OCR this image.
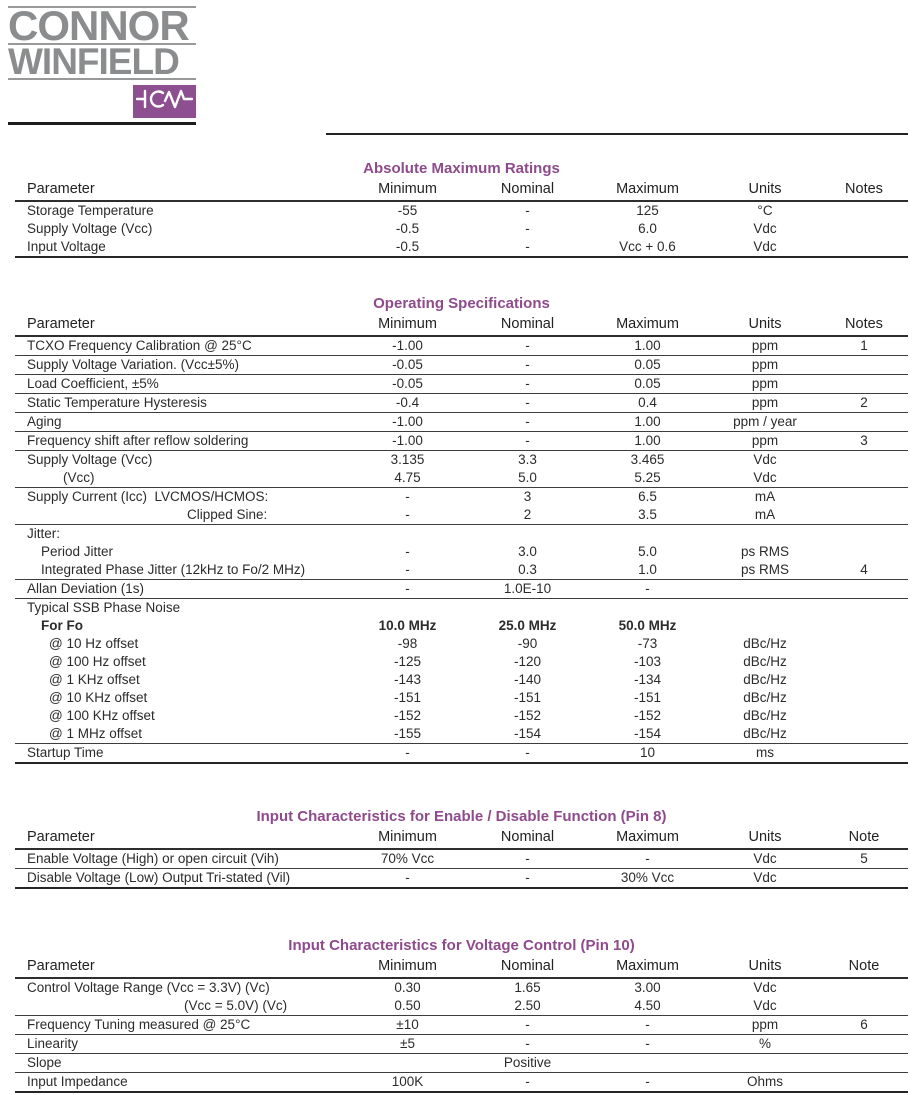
CONNOR
WINFIELD
Absolute Maximum Ratings
Parameter	Minimum	Nominal	Maximum	Units	Notes
Storage Temperature	-55	-	125	°C	
Supply Voltage (Vcc)	-0.5	-	6.0	Vdc	
Input Voltage	-0.5	-	Vcc + 0.6	Vdc	
Operating Specifications
Parameter	Minimum	Nominal	Maximum	Units	Notes
TCXO Frequency Calibration @ 25°C	-1.00	-	1.00	ppm	1
Supply Voltage Variation. (Vcc±5%)	-0.05	-	0.05	ppm	
Load Coefficient, ±5%	-0.05	-	0.05	ppm	
Static Temperature Hysteresis	-0.4	-	0.4	ppm	2
Aging	-1.00	-	1.00	ppm / year	
Frequency shift after reflow soldering	-1.00	-	1.00	ppm	3
Supply Voltage (Vcc)	3.135	3.3	3.465	Vdc	
(Vcc)	4.75	5.0	5.25	Vdc	
Supply Current (Icc)  LVCMOS/HCMOS:	-	3	6.5	mA	
Clipped Sine:	-	2	3.5	mA	
Jitter:					
Period Jitter	-	3.0	5.0	ps RMS	
Integrated Phase Jitter (12kHz to Fo/2 MHz)	-	0.3	1.0	ps RMS	4
Allan Deviation (1s)	-	1.0E-10	-		
Typical SSB Phase Noise					
For Fo	10.0 MHz	25.0 MHz	50.0 MHz		
@ 10 Hz offset	-98	-90	-73	dBc/Hz	
@ 100 Hz offset	-125	-120	-103	dBc/Hz	
@ 1 KHz offset	-143	-140	-134	dBc/Hz	
@ 10 KHz offset	-151	-151	-151	dBc/Hz	
@ 100 KHz offset	-152	-152	-152	dBc/Hz	
@ 1 MHz offset	-155	-154	-154	dBc/Hz	
Startup Time	-	-	10	ms	
Input Characteristics for Enable / Disable Function (Pin 8)
Parameter	Minimum	Nominal	Maximum	Units	Note
Enable Voltage (High) or open circuit (Vih)	70% Vcc	-	-	Vdc	5
Disable Voltage (Low) Output Tri-stated (Vil)	-	-	30% Vcc	Vdc	
Input Characteristics for Voltage Control (Pin 10)
Parameter	Minimum	Nominal	Maximum	Units	Note
Control Voltage Range (Vcc = 3.3V) (Vc)	0.30	1.65	3.00	Vdc	
(Vcc = 5.0V) (Vc)	0.50	2.50	4.50	Vdc	
Frequency Tuning measured @ 25°C	±10	-	-	ppm	6
Linearity	±5	-	-	%	
Slope		Positive			
Input Impedance	100K	-	-	Ohms	
